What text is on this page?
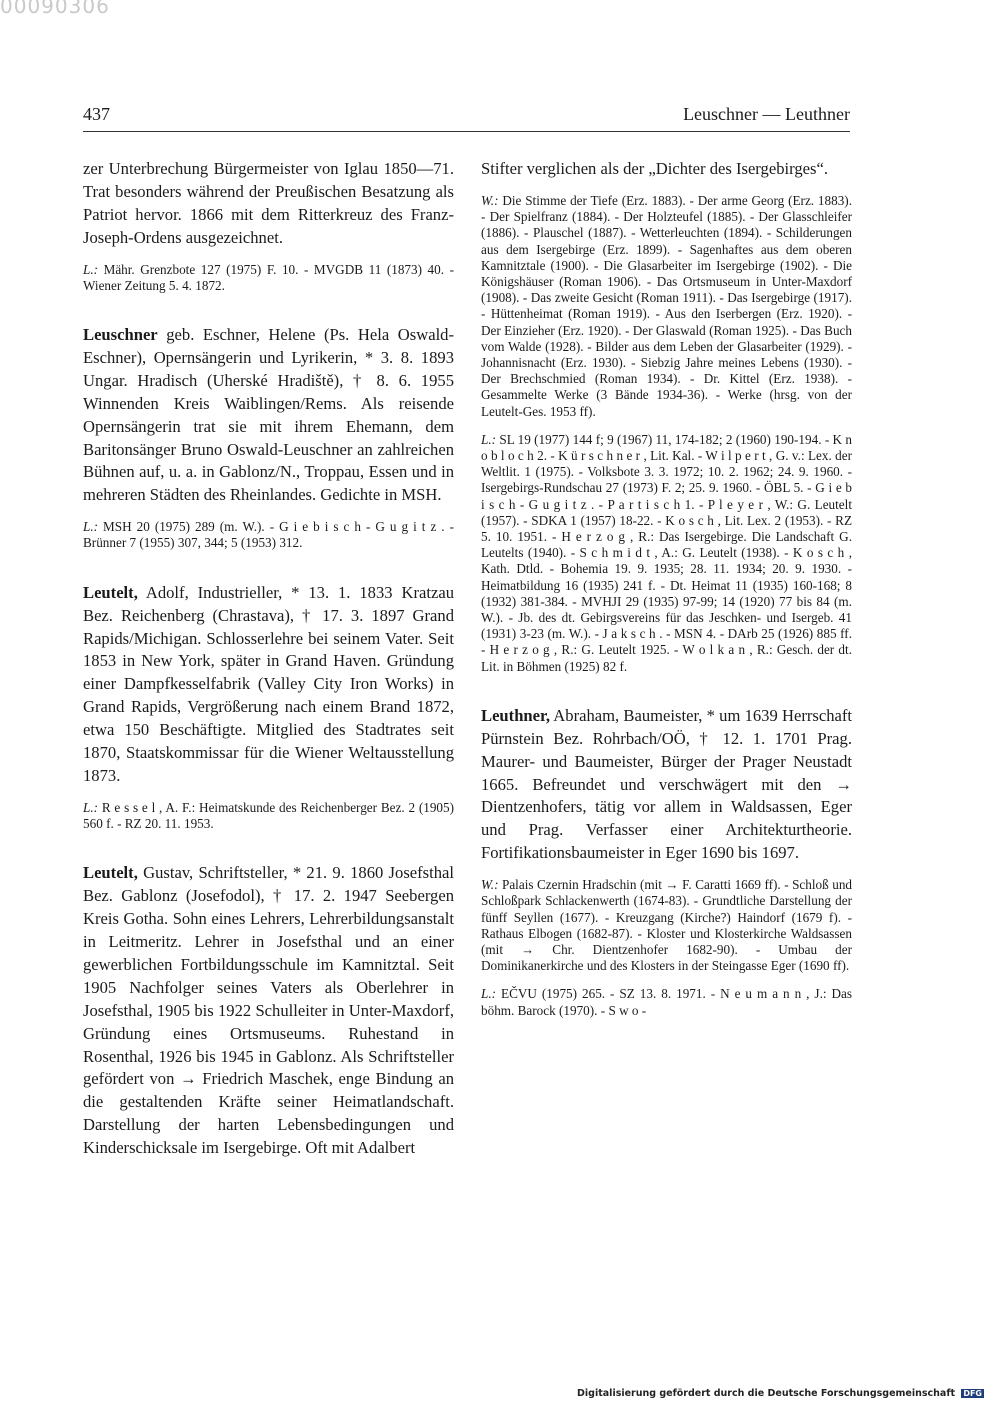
00090306
437	Leuschner — Leuthner

zer Unterbrechung Bürgermeister von Iglau 1850—71. Trat besonders während der Preußischen Besatzung als Patriot hervor. 1866 mit dem Ritterkreuz des Franz-Joseph-Ordens ausgezeichnet.

L.: Mähr. Grenzbote 127 (1975) F. 10. - MVGDB 11 (1873) 40. - Wiener Zeitung 5. 4. 1872.

Leuschner geb. Eschner, Helene (Ps. Hela Oswald-Eschner), Opernsängerin und Lyrikerin, * 3. 8. 1893 Ungar. Hradisch (Uherské Hradiště), † 8. 6. 1955 Winnenden Kreis Waiblingen/Rems. Als reisende Opernsängerin trat sie mit ihrem Ehemann, dem Baritonsänger Bruno Oswald-Leuschner an zahlreichen Bühnen auf, u. a. in Gablonz/N., Troppau, Essen und in mehreren Städten des Rheinlandes. Gedichte in MSH.

L.: MSH 20 (1975) 289 (m. W.). - G i e b i s c h - G u g i t z . - Brünner 7 (1955) 307, 344; 5 (1953) 312.

Leutelt, Adolf, Industrieller, * 13. 1. 1833 Kratzau Bez. Reichenberg (Chrastava), † 17. 3. 1897 Grand Rapids/Michigan. Schlosserlehre bei seinem Vater. Seit 1853 in New York, später in Grand Haven. Gründung einer Dampfkesselfabrik (Valley City Iron Works) in Grand Rapids, Vergrößerung nach einem Brand 1872, etwa 150 Beschäftigte. Mitglied des Stadtrates seit 1870, Staatskommissar für die Wiener Weltausstellung 1873.

L.: R e s s e l , A. F.: Heimatskunde des Reichenberger Bez. 2 (1905) 560 f. - RZ 20. 11. 1953.

Leutelt, Gustav, Schriftsteller, * 21. 9. 1860 Josefsthal Bez. Gablonz (Josefodol), † 17. 2. 1947 Seebergen Kreis Gotha. Sohn eines Lehrers, Lehrerbildungsanstalt in Leitmeritz. Lehrer in Josefsthal und an einer gewerblichen Fortbildungsschule im Kamnitztal. Seit 1905 Nachfolger seines Vaters als Oberlehrer in Josefsthal, 1905 bis 1922 Schulleiter in Unter-Maxdorf, Gründung eines Ortsmuseums. Ruhestand in Rosenthal, 1926 bis 1945 in Gablonz. Als Schriftsteller gefördert von → Friedrich Maschek, enge Bindung an die gestaltenden Kräfte seiner Heimatlandschaft. Darstellung der harten Lebensbedingungen und Kinderschicksale im Isergebirge. Oft mit Adalbert

Stifter verglichen als der „Dichter des Isergebirges“.

W.: Die Stimme der Tiefe (Erz. 1883). - Der arme Georg (Erz. 1883). - Der Spielfranz (1884). - Der Holzteufel (1885). - Der Glasschleifer (1886). - Plauschel (1887). - Wetterleuchten (1894). - Schilderungen aus dem Isergebirge (Erz. 1899). - Sagenhaftes aus dem oberen Kamnitztale (1900). - Die Glasarbeiter im Isergebirge (1902). - Die Königshäuser (Roman 1906). - Das Ortsmuseum in Unter-Maxdorf (1908). - Das zweite Gesicht (Roman 1911). - Das Isergebirge (1917). - Hüttenheimat (Roman 1919). - Aus den Iserbergen (Erz. 1920). - Der Einzieher (Erz. 1920). - Der Glaswald (Roman 1925). - Das Buch vom Walde (1928). - Bilder aus dem Leben der Glasarbeiter (1929). - Johannisnacht (Erz. 1930). - Siebzig Jahre meines Lebens (1930). - Der Brechschmied (Roman 1934). - Dr. Kittel (Erz. 1938). - Gesammelte Werke (3 Bände 1934-36). - Werke (hrsg. von der Leutelt-Ges. 1953 ff).

L.: SL 19 (1977) 144 f; 9 (1967) 11, 174-182; 2 (1960) 190-194. - K n o b l o c h 2. - K ü r s c h n e r , Lit. Kal. - W i l p e r t , G. v.: Lex. der Weltlit. 1 (1975). - Volksbote 3. 3. 1972; 10. 2. 1962; 24. 9. 1960. - Isergebirgs-Rundschau 27 (1973) F. 2; 25. 9. 1960. - ÖBL 5. - G i e b i s c h - G u g i t z . - P a r t i s c h 1. - P l e y e r , W.: G. Leutelt (1957). - SDKA 1 (1957) 18-22. - K o s c h , Lit. Lex. 2 (1953). - RZ 5. 10. 1951. - H e r z o g , R.: Das Isergebirge. Die Landschaft G. Leutelts (1940). - S c h m i d t , A.: G. Leutelt (1938). - K o s c h , Kath. Dtld. - Bohemia 19. 9. 1935; 28. 11. 1934; 20. 9. 1930. - Heimatbildung 16 (1935) 241 f. - Dt. Heimat 11 (1935) 160-168; 8 (1932) 381-384. - MVHJI 29 (1935) 97-99; 14 (1920) 77 bis 84 (m. W.). - Jb. des dt. Gebirgsvereins für das Jeschken- und Isergeb. 41 (1931) 3-23 (m. W.). - J a k s c h . - MSN 4. - DArb 25 (1926) 885 ff. - H e r z o g , R.: G. Leutelt 1925. - W o l k a n , R.: Gesch. der dt. Lit. in Böhmen (1925) 82 f.

Leuthner, Abraham, Baumeister, * um 1639 Herrschaft Pürnstein Bez. Rohrbach/OÖ, † 12. 1. 1701 Prag. Maurer- und Baumeister, Bürger der Prager Neustadt 1665. Befreundet und verschwägert mit den → Dientzenhofers, tätig vor allem in Waldsassen, Eger und Prag. Verfasser einer Architekturtheorie. Fortifikationsbaumeister in Eger 1690 bis 1697.

W.: Palais Czernin Hradschin (mit → F. Caratti 1669 ff). - Schloß und Schloßpark Schlackenwerth (1674-83). - Grundtliche Darstellung der fünff Seyllen (1677). - Kreuzgang (Kirche?) Haindorf (1679 f). - Rathaus Elbogen (1682-87). - Kloster und Klosterkirche Waldsassen (mit → Chr. Dientzenhofer 1682-90). - Umbau der Dominikanerkirche und des Klosters in der Steingasse Eger (1690 ff).

L.: EČVU (1975) 265. - SZ 13. 8. 1971. - N e u m a n n , J.: Das böhm. Barock (1970). - S w o -

Digitalisierung gefördert durch die Deutsche Forschungsgemeinschaft DFG
